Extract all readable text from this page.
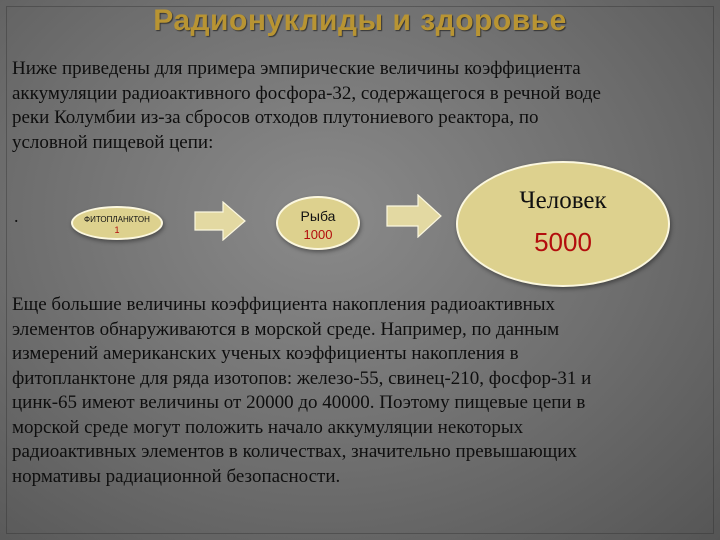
Радионуклиды и здоровье
Ниже приведены для примера эмпирические величины коэффициента
аккумуляции радиоактивного фосфора-32, содержащегося в речной воде
реки Колумбии из-за сбросов отходов плутониевого реактора, по
условной пищевой цепи:
.	ФИТОПЛАНКТОН
1
Рыба
1000
Человек
5000
Еще большие величины коэффициента накопления радиоактивных
элементов обнаруживаются в морской среде. Например, по данным
измерений американских ученых коэффициенты накопления в
фитопланктоне для ряда изотопов: железо-55, свинец-210, фосфор-31 и
цинк-65 имеют величины от 20000 до 40000. Поэтому пищевые цепи в
морской среде могут положить начало аккумуляции некоторых
радиоактивных элементов в количествах, значительно превышающих
нормативы радиационной безопасности.
